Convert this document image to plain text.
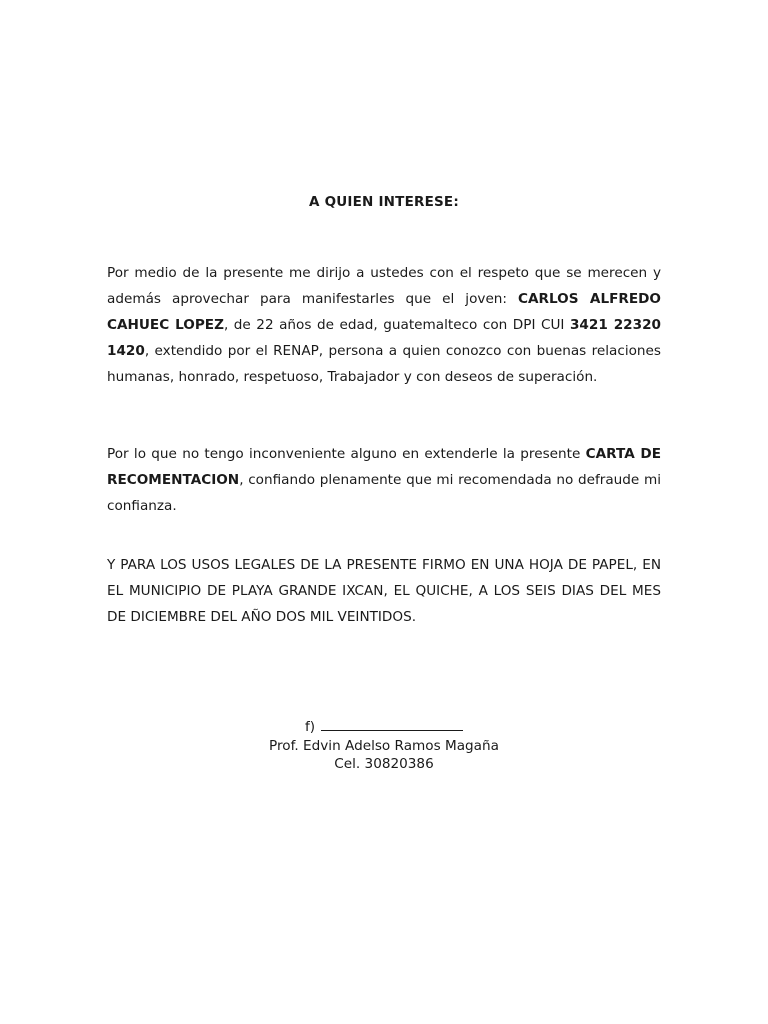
A QUIEN INTERESE:
Por medio de la presente me dirijo a ustedes con el respeto que se merecen y además aprovechar para manifestarles que el joven: CARLOS ALFREDO CAHUEC LOPEZ, de 22 años de edad, guatemalteco con DPI CUI 3421 22320 1420, extendido por el RENAP, persona a quien conozco con buenas relaciones humanas, honrado, respetuoso, Trabajador y con deseos de superación.
Por lo que no tengo inconveniente alguno en extenderle la presente CARTA DE RECOMENTACION, confiando plenamente que mi recomendada no defraude mi confianza.
Y PARA LOS USOS LEGALES DE LA PRESENTE FIRMO EN UNA HOJA DE PAPEL, EN EL MUNICIPIO DE PLAYA GRANDE IXCAN, EL QUICHE, A LOS SEIS DIAS DEL MES DE DICIEMBRE DEL AÑO DOS MIL VEINTIDOS.
f)
Prof. Edvin Adelso Ramos Magaña
Cel. 30820386
